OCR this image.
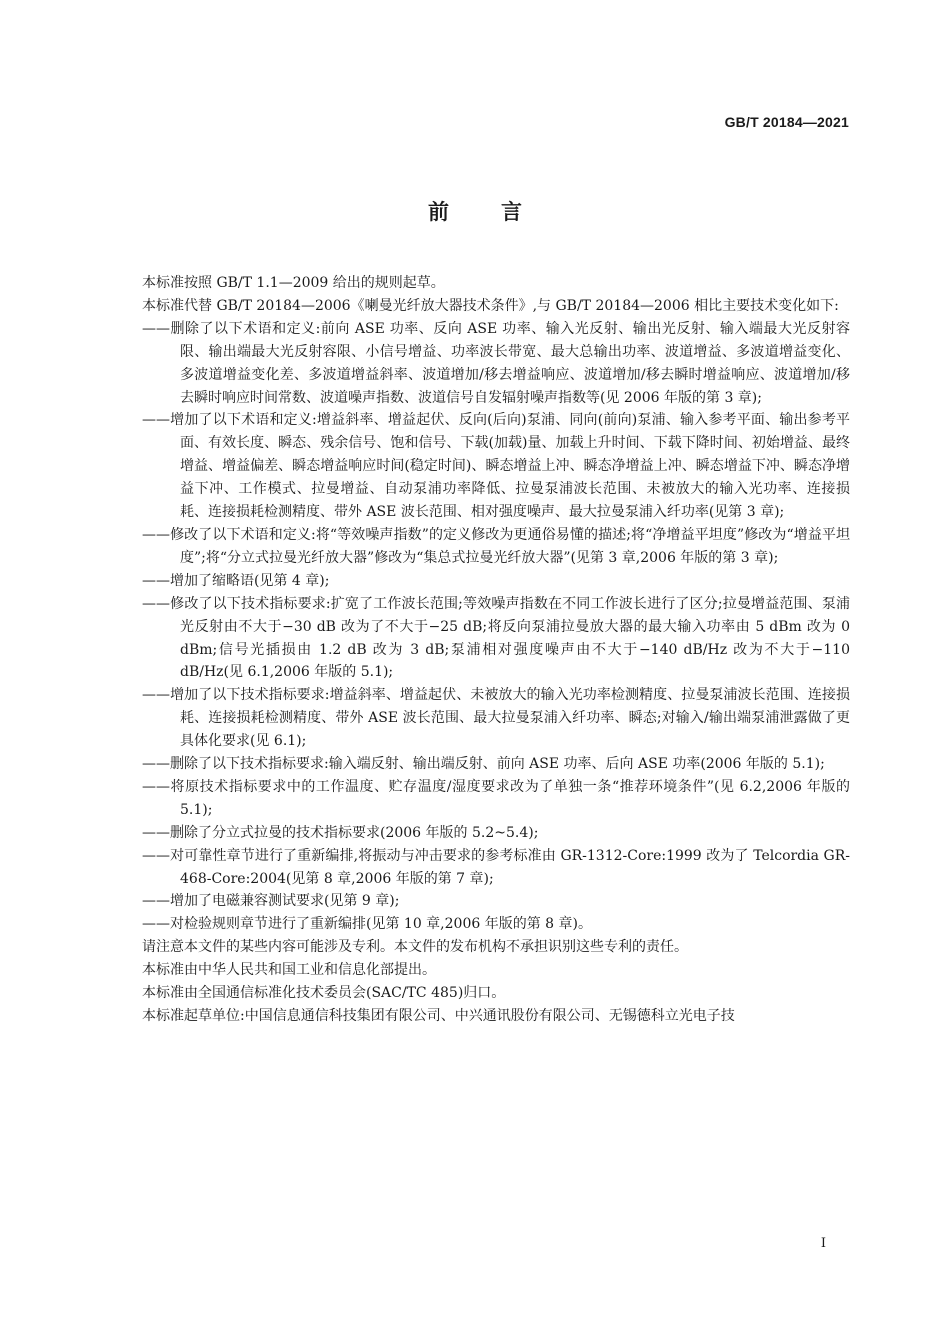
GB/T 20184—2021
前言

本标准按照 GB/T 1.1—2009 给出的规则起草。

本标准代替 GB/T 20184—2006《喇曼光纤放大器技术条件》,与 GB/T 20184—2006 相比主要技术变化如下:

——删除了以下术语和定义:前向 ASE 功率、反向 ASE 功率、输入光反射、输出光反射、输入端最大光反射容限、输出端最大光反射容限、小信号增益、功率波长带宽、最大总输出功率、波道增益、多波道增益变化、多波道增益变化差、多波道增益斜率、波道增加/移去增益响应、波道增加/移去瞬时增益响应、波道增加/移去瞬时响应时间常数、波道噪声指数、波道信号自发辐射噪声指数等(见 2006 年版的第 3 章);

——增加了以下术语和定义:增益斜率、增益起伏、反向(后向)泵浦、同向(前向)泵浦、输入参考平面、输出参考平面、有效长度、瞬态、残余信号、饱和信号、下载(加载)量、加载上升时间、下载下降时间、初始增益、最终增益、增益偏差、瞬态增益响应时间(稳定时间)、瞬态增益上冲、瞬态净增益上冲、瞬态增益下冲、瞬态净增益下冲、工作模式、拉曼增益、自动泵浦功率降低、拉曼泵浦波长范围、未被放大的输入光功率、连接损耗、连接损耗检测精度、带外 ASE 波长范围、相对强度噪声、最大拉曼泵浦入纤功率(见第 3 章);

——修改了以下术语和定义:将“等效噪声指数”的定义修改为更通俗易懂的描述;将“净增益平坦度”修改为“增益平坦度”;将“分立式拉曼光纤放大器”修改为“集总式拉曼光纤放大器”(见第 3 章,2006 年版的第 3 章);

——增加了缩略语(见第 4 章);

——修改了以下技术指标要求:扩宽了工作波长范围;等效噪声指数在不同工作波长进行了区分;拉曼增益范围、泵浦光反射由不大于−30 dB 改为了不大于−25 dB;将反向泵浦拉曼放大器的最大输入功率由 5 dBm 改为 0 dBm;信号光插损由 1.2 dB 改为 3 dB;泵浦相对强度噪声由不大于−140 dB/Hz 改为不大于−110 dB/Hz(见 6.1,2006 年版的 5.1);

——增加了以下技术指标要求:增益斜率、增益起伏、未被放大的输入光功率检测精度、拉曼泵浦波长范围、连接损耗、连接损耗检测精度、带外 ASE 波长范围、最大拉曼泵浦入纤功率、瞬态;对输入/输出端泵浦泄露做了更具体化要求(见 6.1);

——删除了以下技术指标要求:输入端反射、输出端反射、前向 ASE 功率、后向 ASE 功率(2006 年版的 5.1);

——将原技术指标要求中的工作温度、贮存温度/湿度要求改为了单独一条“推荐环境条件”(见 6.2,2006 年版的 5.1);

——删除了分立式拉曼的技术指标要求(2006 年版的 5.2~5.4);

——对可靠性章节进行了重新编排,将振动与冲击要求的参考标准由 GR-1312-Core:1999 改为了 Telcordia GR-468-Core:2004(见第 8 章,2006 年版的第 7 章);

——增加了电磁兼容测试要求(见第 9 章);

——对检验规则章节进行了重新编排(见第 10 章,2006 年版的第 8 章)。

请注意本文件的某些内容可能涉及专利。本文件的发布机构不承担识别这些专利的责任。

本标准由中华人民共和国工业和信息化部提出。

本标准由全国通信标准化技术委员会(SAC/TC 485)归口。

本标准起草单位:中国信息通信科技集团有限公司、中兴通讯股份有限公司、无锡德科立光电子技

I
